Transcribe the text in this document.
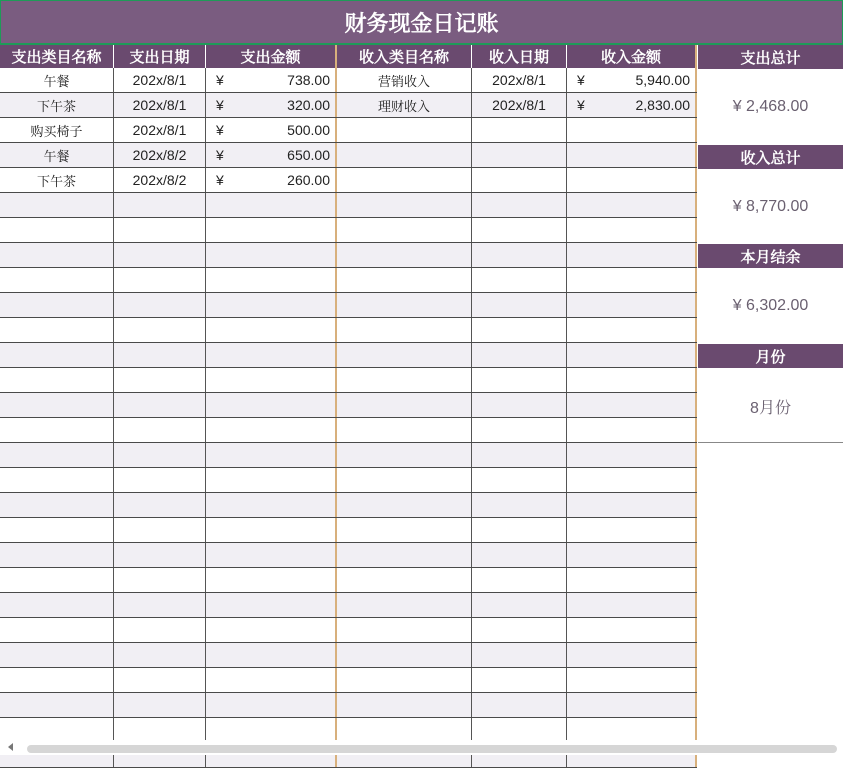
财务现金日记账
支出类目名称	支出日期	支出金额	收入类目名称	收入日期	收入金额
午餐	202x/8/1	¥	738.00	营销收入	202x/8/1	¥	5,940.00
下午茶	202x/8/1	¥	320.00	理财收入	202x/8/1	¥	2,830.00
购买椅子	202x/8/1	¥	500.00
午餐	202x/8/2	¥	650.00
下午茶	202x/8/2	¥	260.00
支出总计
¥ 2,468.00
收入总计
¥ 8,770.00
本月结余
¥ 6,302.00
月份
8月份
